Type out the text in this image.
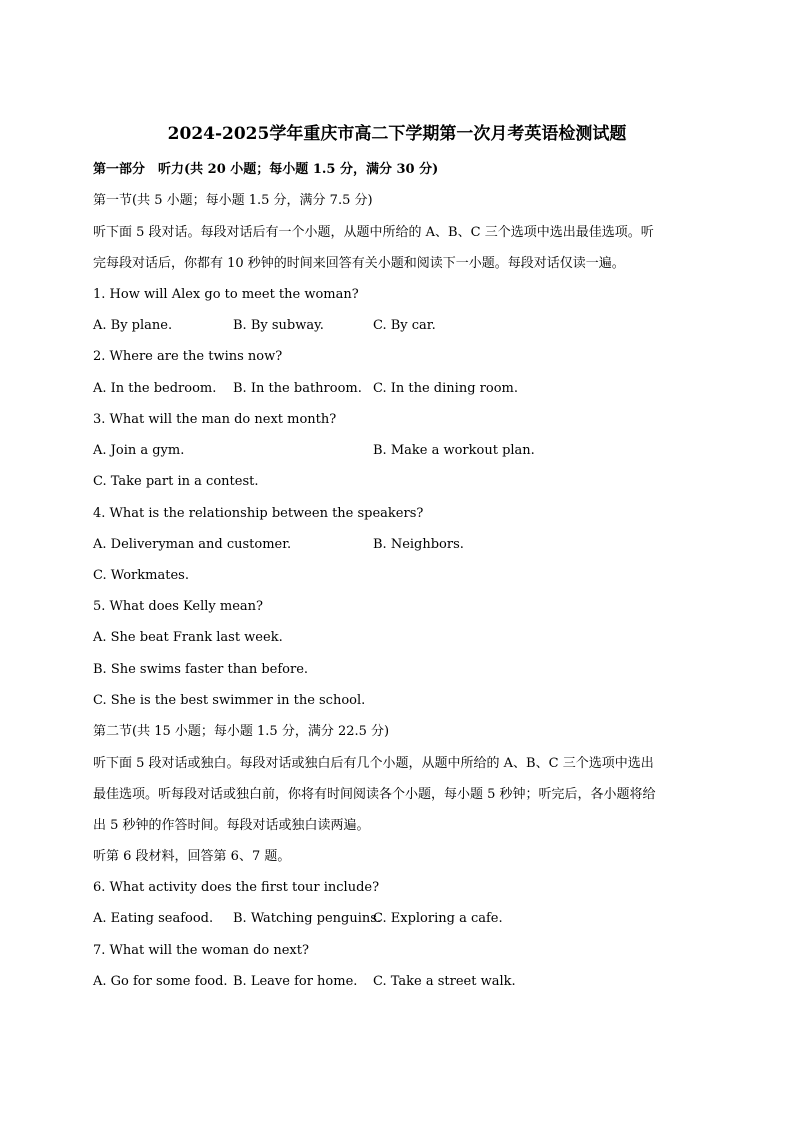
2024-2025学年重庆市高二下学期第一次月考英语检测试题
第一部分　听力(共 20 小题；每小题 1.5 分，满分 30 分)
第一节(共 5 小题；每小题 1.5 分，满分 7.5 分)
听下面 5 段对话。每段对话后有一个小题，从题中所给的 A、B、C 三个选项中选出最佳选项。听
完每段对话后，你都有 10 秒钟的时间来回答有关小题和阅读下一小题。每段对话仅读一遍。
1. How will Alex go to meet the woman?
A. By plane.	B. By subway.	C. By car.
2. Where are the twins now?
A. In the bedroom. B. In the bathroom. C. In the dining room.
3. What will the man do next month?
A. Join a gym.	B. Make a workout plan.
C. Take part in a contest.
4. What is the relationship between the speakers?
A. Deliveryman and customer.	B. Neighbors.
C. Workmates.
5. What does Kelly mean?
A. She beat Frank last week.
B. She swims faster than before.
C. She is the best swimmer in the school.
第二节(共 15 小题；每小题 1.5 分，满分 22.5 分)
听下面 5 段对话或独白。每段对话或独白后有几个小题，从题中所给的 A、B、C 三个选项中选出
最佳选项。听每段对话或独白前，你将有时间阅读各个小题，每小题 5 秒钟；听完后，各小题将给
出 5 秒钟的作答时间。每段对话或独白读两遍。
听第 6 段材料，回答第 6、7 题。
6. What activity does the first tour include?
A. Eating seafood. B. Watching penguins.
C. Exploring a cafe.
7. What will the woman do next?
A. Go for some food. B. Leave for home. C. Take a street walk.
